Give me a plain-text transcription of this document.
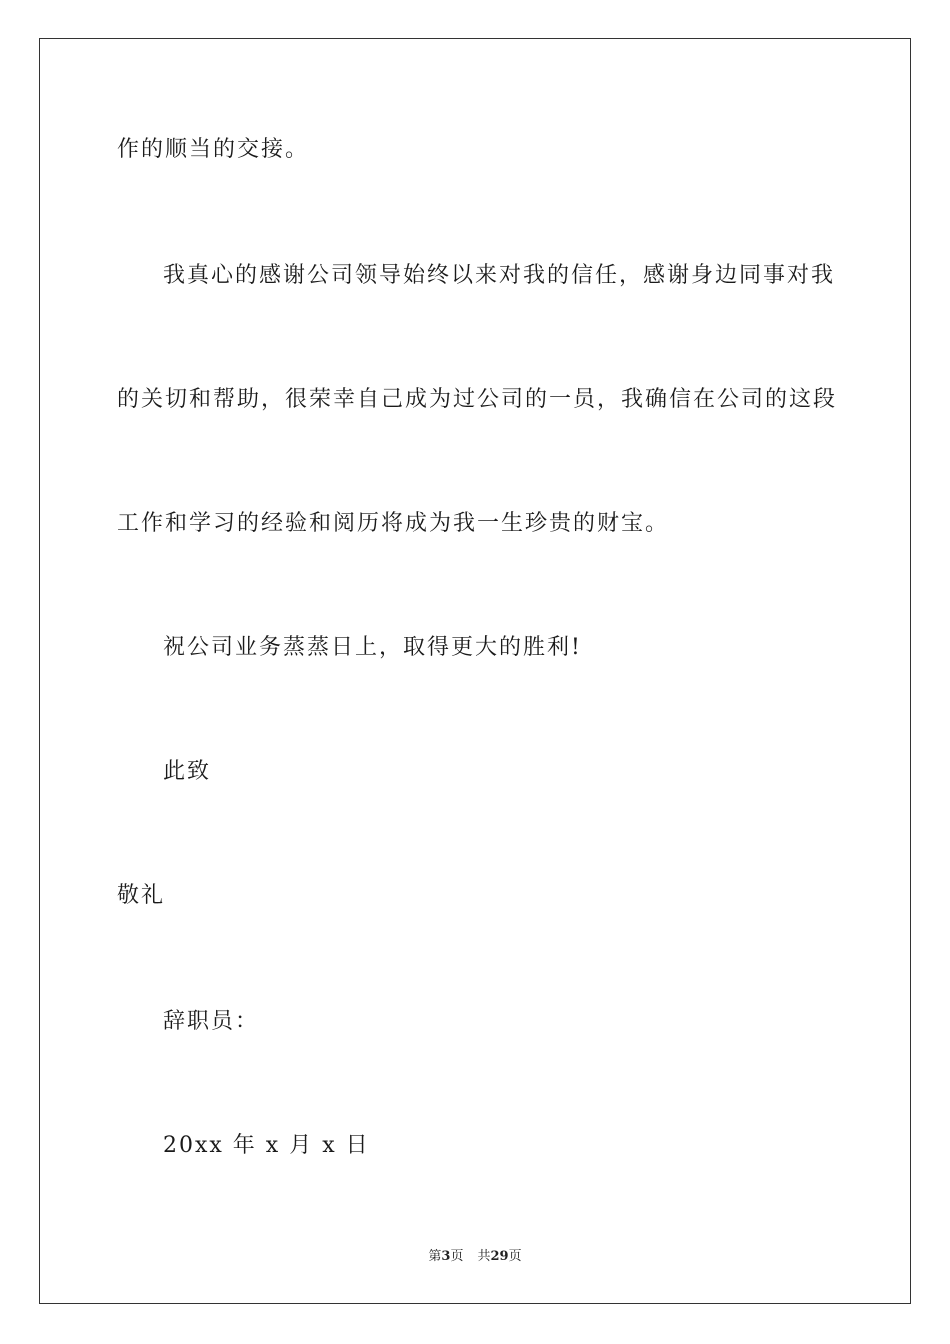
作的顺当的交接。
我真心的感谢公司领导始终以来对我的信任，感谢身边同事对我
的关切和帮助，很荣幸自己成为过公司的一员，我确信在公司的这段
工作和学习的经验和阅历将成为我一生珍贵的财宝。
祝公司业务蒸蒸日上，取得更大的胜利!
此致
敬礼
辞职员：
20xx 年 x 月 x 日
第3页 共29页
